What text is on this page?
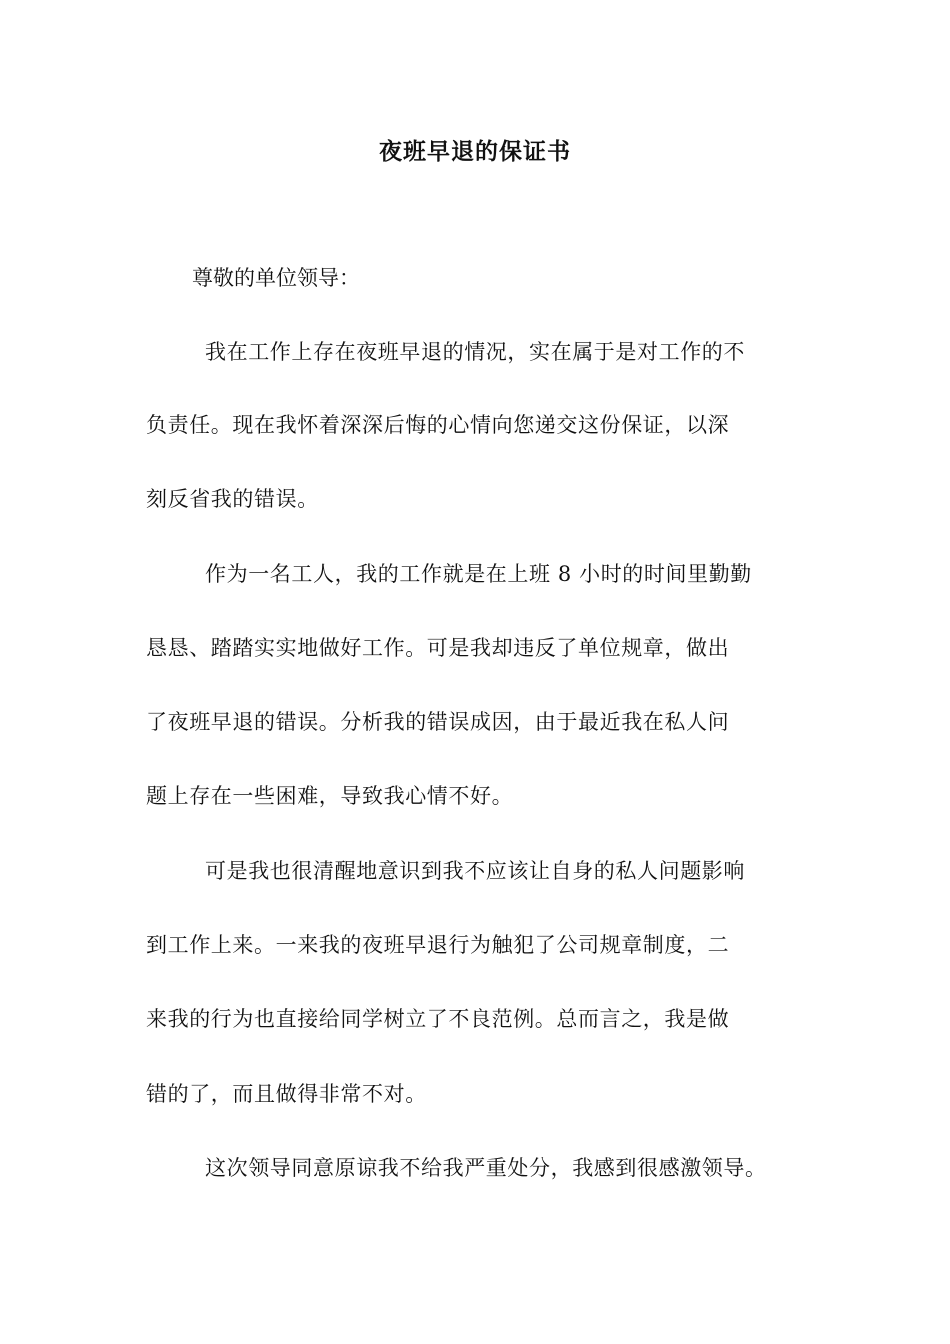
夜班早退的保证书
尊敬的单位领导：
我在工作上存在夜班早退的情况，实在属于是对工作的不
负责任。现在我怀着深深后悔的心情向您递交这份保证，以深
刻反省我的错误。
作为一名工人，我的工作就是在上班 8 小时的时间里勤勤
恳恳、踏踏实实地做好工作。可是我却违反了单位规章，做出
了夜班早退的错误。分析我的错误成因，由于最近我在私人问
题上存在一些困难，导致我心情不好。
可是我也很清醒地意识到我不应该让自身的私人问题影响
到工作上来。一来我的夜班早退行为触犯了公司规章制度，二
来我的行为也直接给同学树立了不良范例。总而言之，我是做
错的了，而且做得非常不对。
这次领导同意原谅我不给我严重处分，我感到很感激领导。
